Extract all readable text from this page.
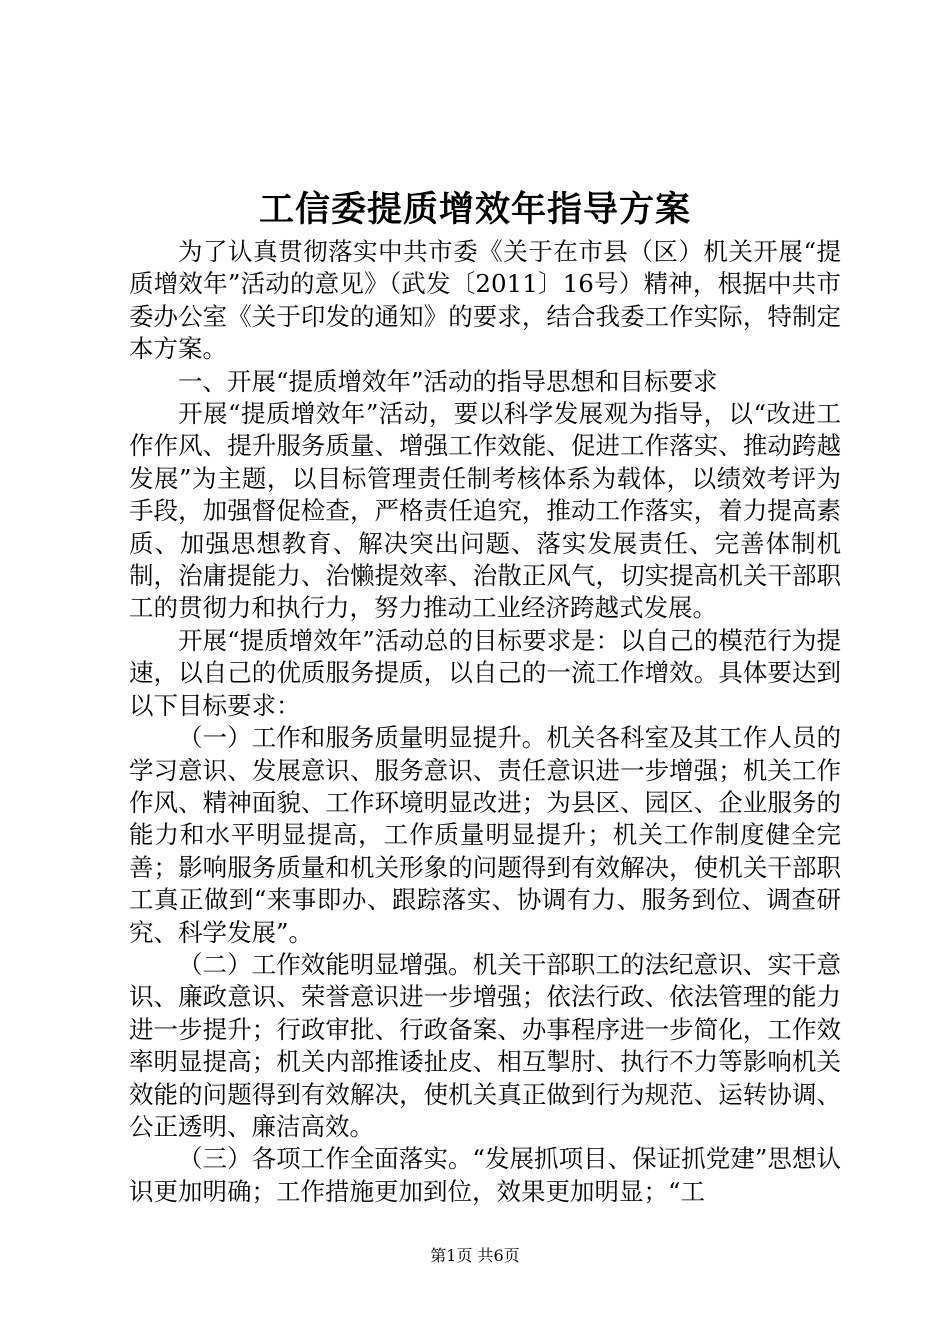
工信委提质增效年指导方案

为了认真贯彻落实中共市委《关于在市县（区）机关开展“提质增效年”活动的意见》（武发〔2011〕16号）精神，根据中共市委办公室《关于印发的通知》的要求，结合我委工作实际，特制定本方案。

一、开展“提质增效年”活动的指导思想和目标要求

开展“提质增效年”活动，要以科学发展观为指导，以“改进工作作风、提升服务质量、增强工作效能、促进工作落实、推动跨越发展”为主题，以目标管理责任制考核体系为载体，以绩效考评为手段，加强督促检查，严格责任追究，推动工作落实，着力提高素质、加强思想教育、解决突出问题、落实发展责任、完善体制机制，治庸提能力、治懒提效率、治散正风气，切实提高机关干部职工的贯彻力和执行力，努力推动工业经济跨越式发展。

开展“提质增效年”活动总的目标要求是：以自己的模范行为提速，以自己的优质服务提质，以自己的一流工作增效。具体要达到以下目标要求：

（一）工作和服务质量明显提升。机关各科室及其工作人员的学习意识、发展意识、服务意识、责任意识进一步增强；机关工作作风、精神面貌、工作环境明显改进；为县区、园区、企业服务的能力和水平明显提高，工作质量明显提升；机关工作制度健全完善；影响服务质量和机关形象的问题得到有效解决，使机关干部职工真正做到“来事即办、跟踪落实、协调有力、服务到位、调查研究、科学发展”。

（二）工作效能明显增强。机关干部职工的法纪意识、实干意识、廉政意识、荣誉意识进一步增强；依法行政、依法管理的能力进一步提升；行政审批、行政备案、办事程序进一步简化，工作效率明显提高；机关内部推诿扯皮、相互掣肘、执行不力等影响机关效能的问题得到有效解决，使机关真正做到行为规范、运转协调、公正透明、廉洁高效。

（三）各项工作全面落实。“发展抓项目、保证抓党建”思想认识更加明确；工作措施更加到位，效果更加明显；“工

第1页 共6页
